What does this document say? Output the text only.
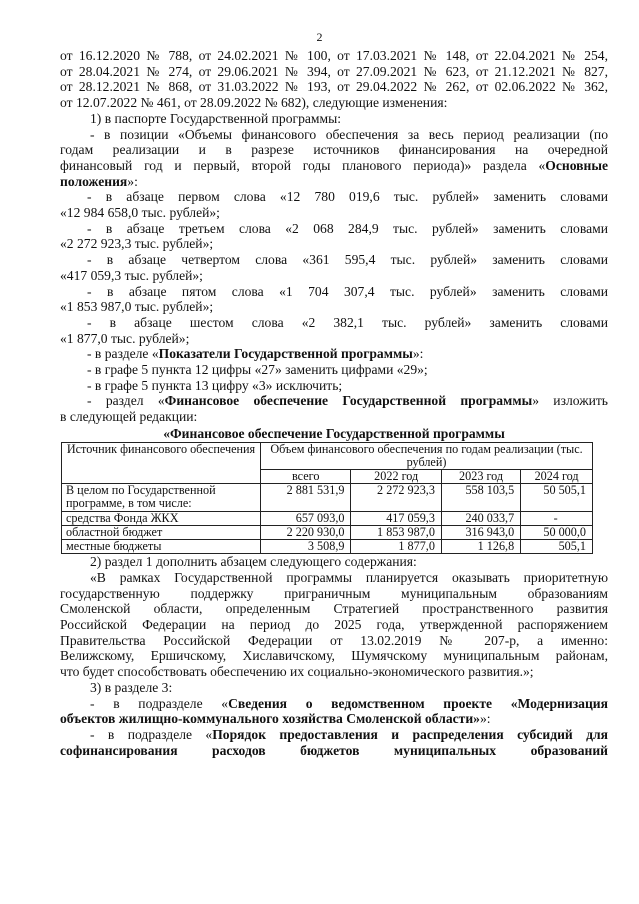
2
от 16.12.2020 № 788, от 24.02.2021 № 100, от 17.03.2021 № 148, от 22.04.2021 № 254,
от 28.04.2021 № 274, от 29.06.2021 № 394, от 27.09.2021 № 623, от 21.12.2021 № 827,
от 28.12.2021 № 868, от 31.03.2022 № 193, от 29.04.2022 № 262, от 02.06.2022 № 362,
от 12.07.2022 № 461, от 28.09.2022 № 682), следующие изменения:
1) в паспорте Государственной программы:
- в позиции «Объемы финансового обеспечения за весь период реализации (по
годам реализации и в разрезе источников финансирования на очередной
финансовый год и первый, второй годы планового периода)» раздела «Основные
положения»:
- в абзаце первом слова «12 780 019,6 тыс. рублей» заменить словами
«12 984 658,0 тыс. рублей»;
- в абзаце третьем слова «2 068 284,9 тыс. рублей» заменить словами
«2 272 923,3 тыс. рублей»;
- в абзаце четвертом слова «361 595,4 тыс. рублей» заменить словами
«417 059,3 тыс. рублей»;
- в абзаце пятом слова «1 704 307,4 тыс. рублей» заменить словами
«1 853 987,0 тыс. рублей»;
- в абзаце шестом слова «2 382,1 тыс. рублей» заменить словами
«1 877,0 тыс. рублей»;
- в разделе «Показатели Государственной программы»:
- в графе 5 пункта 12 цифры «27» заменить цифрами «29»;
- в графе 5 пункта 13 цифру «3» исключить;
- раздел «Финансовое обеспечение Государственной программы» изложить
в следующей редакции:
«Финансовое обеспечение Государственной программы
Источник финансового обеспечения	Объем финансового обеспечения по годам реализации (тыс. рублей)			
	всего	2022 год	2023 год	2024 год
В целом по Государственной программе, в том числе:	2 881 531,9	2 272 923,3	558 103,5	50 505,1
средства Фонда ЖКХ	657 093,0	417 059,3	240 033,7	-
областной бюджет	2 220 930,0	1 853 987,0	316 943,0	50 000,0
местные бюджеты	3 508,9	1 877,0	1 126,8	505,1
2) раздел 1 дополнить абзацем следующего содержания:
«В рамках Государственной программы планируется оказывать приоритетную
государственную поддержку приграничным муниципальным образованиям
Смоленской области, определенным Стратегией пространственного развития
Российской Федерации на период до 2025 года, утвержденной распоряжением
Правительства Российской Федерации от 13.02.2019 № 207-р, а именно:
Велижскому, Ершичскому, Хиславичскому, Шумячскому муниципальным районам,
что будет способствовать обеспечению их социально-экономического развития.»;
3) в разделе 3:
- в подразделе «Сведения о ведомственном проекте «Модернизация
объектов жилищно-коммунального хозяйства Смоленской области»»:
- в подразделе «Порядок предоставления и распределения субсидий для
софинансирования расходов бюджетов муниципальных образований
